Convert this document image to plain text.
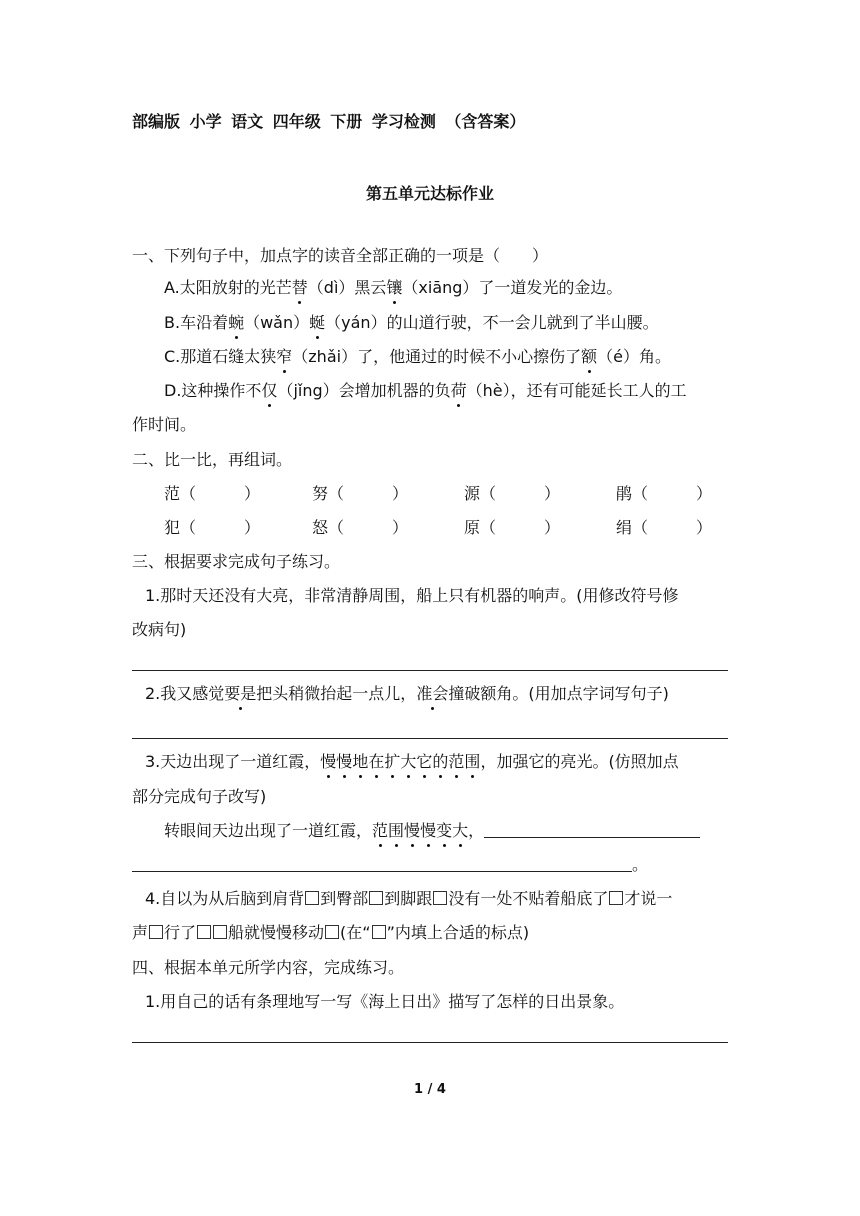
部编版 小学 语文 四年级 下册 学习检测 （含答案）
第五单元达标作业
一、下列句子中，加点字的读音全部正确的一项是（　　）
A.太阳放射的光芒替（dì）黑云镶（xiāng）了一道发光的金边。
B.车沿着蜿（wǎn）蜒（yán）的山道行驶，不一会儿就到了半山腰。
C.那道石缝太狭窄（zhǎi）了，他通过的时候不小心擦伤了额（é）角。
D.这种操作不仅（jǐng）会增加机器的负荷（hè），还有可能延长工人的工
作时间。
二、比一比，再组词。
范（　　　）	努（　　　）	源（　　　）	鹃（　　　）
犯（　　　）	怒（　　　）	原（　　　）	绢（　　　）
三、根据要求完成句子练习。
1.那时天还没有大亮，非常清静周围，船上只有机器的响声。(用修改符号修
改病句)
2.我又感觉要是把头稍微抬起一点儿，准会撞破额角。(用加点字词写句子)
3.天边出现了一道红霞，慢慢地在扩大它的范围，加强它的亮光。(仿照加点
部分完成句子改写)
转眼间天边出现了一道红霞，范围慢慢变大，
。
4.自以为从后脑到肩背 到臀部 到脚跟 没有一处不贴着船底了 才说一
声 行了 船就慢慢移动 (在“ ”内填上合适的标点)
四、根据本单元所学内容，完成练习。
1.用自己的话有条理地写一写《海上日出》描写了怎样的日出景象。
1 / 4
